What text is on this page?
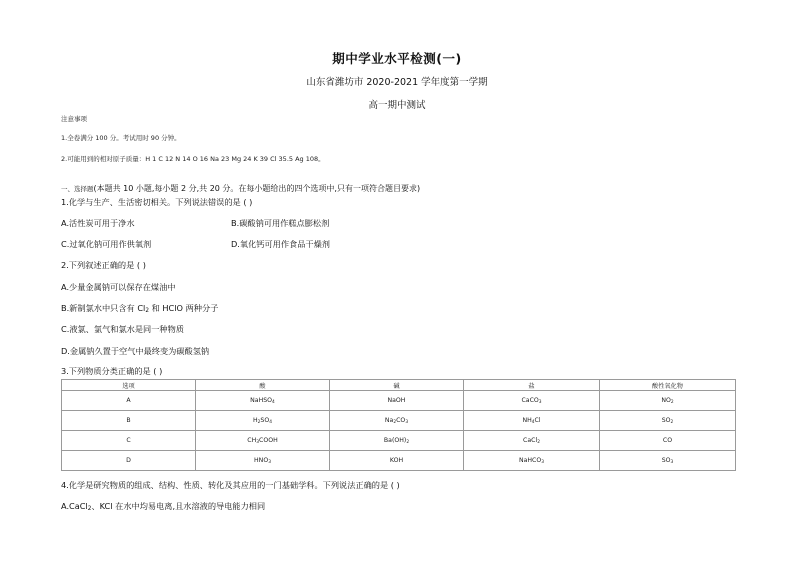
期中学业水平检测(一)
山东省潍坊市 2020-2021 学年度第一学期
高一期中测试
注意事项
1.全卷满分 100 分。考试用时 90 分钟。
2.可能用到的相对原子质量：H 1 C 12 N 14 O 16 Na 23 Mg 24 K 39 Cl 35.5 Ag 108。
一、选择题(本题共 10 小题,每小题 2 分,共 20 分。在每小题给出的四个选项中,只有一项符合题目要求)
1.化学与生产、生活密切相关。下列说法错误的是 ( )
A.活性炭可用于净水	B.碳酸钠可用作糕点膨松剂
C.过氧化钠可用作供氧剂	D.氧化钙可用作食品干燥剂
2.下列叙述正确的是 ( )
A.少量金属钠可以保存在煤油中
B.新制氯水中只含有 $Cl_2$ 和 HClO 两种分子
C.液氯、氯气和氯水是同一种物质
D.金属钠久置于空气中最终变为碳酸氢钠
3.下列物质分类正确的是 ( )
选项	酸	碱	盐	酸性氧化物
A	NaHSO$_4$	NaOH	CaCO$_3$	$NO_2$
B	$H_2SO_4$	$Na_2CO_3$	$NH_4Cl$	$SO_2$
C	$CH_3COOH$	$Ba(OH)_2$	CaCl$_2$	CO
D	$HNO_3$	KOH	NaHCO$_3$	$SO_3$
4.化学是研究物质的组成、结构、性质、转化及其应用的一门基础学科。下列说法正确的是 ( )
A.CaCl$_2$、KCl 在水中均易电离,且水溶液的导电能力相同
